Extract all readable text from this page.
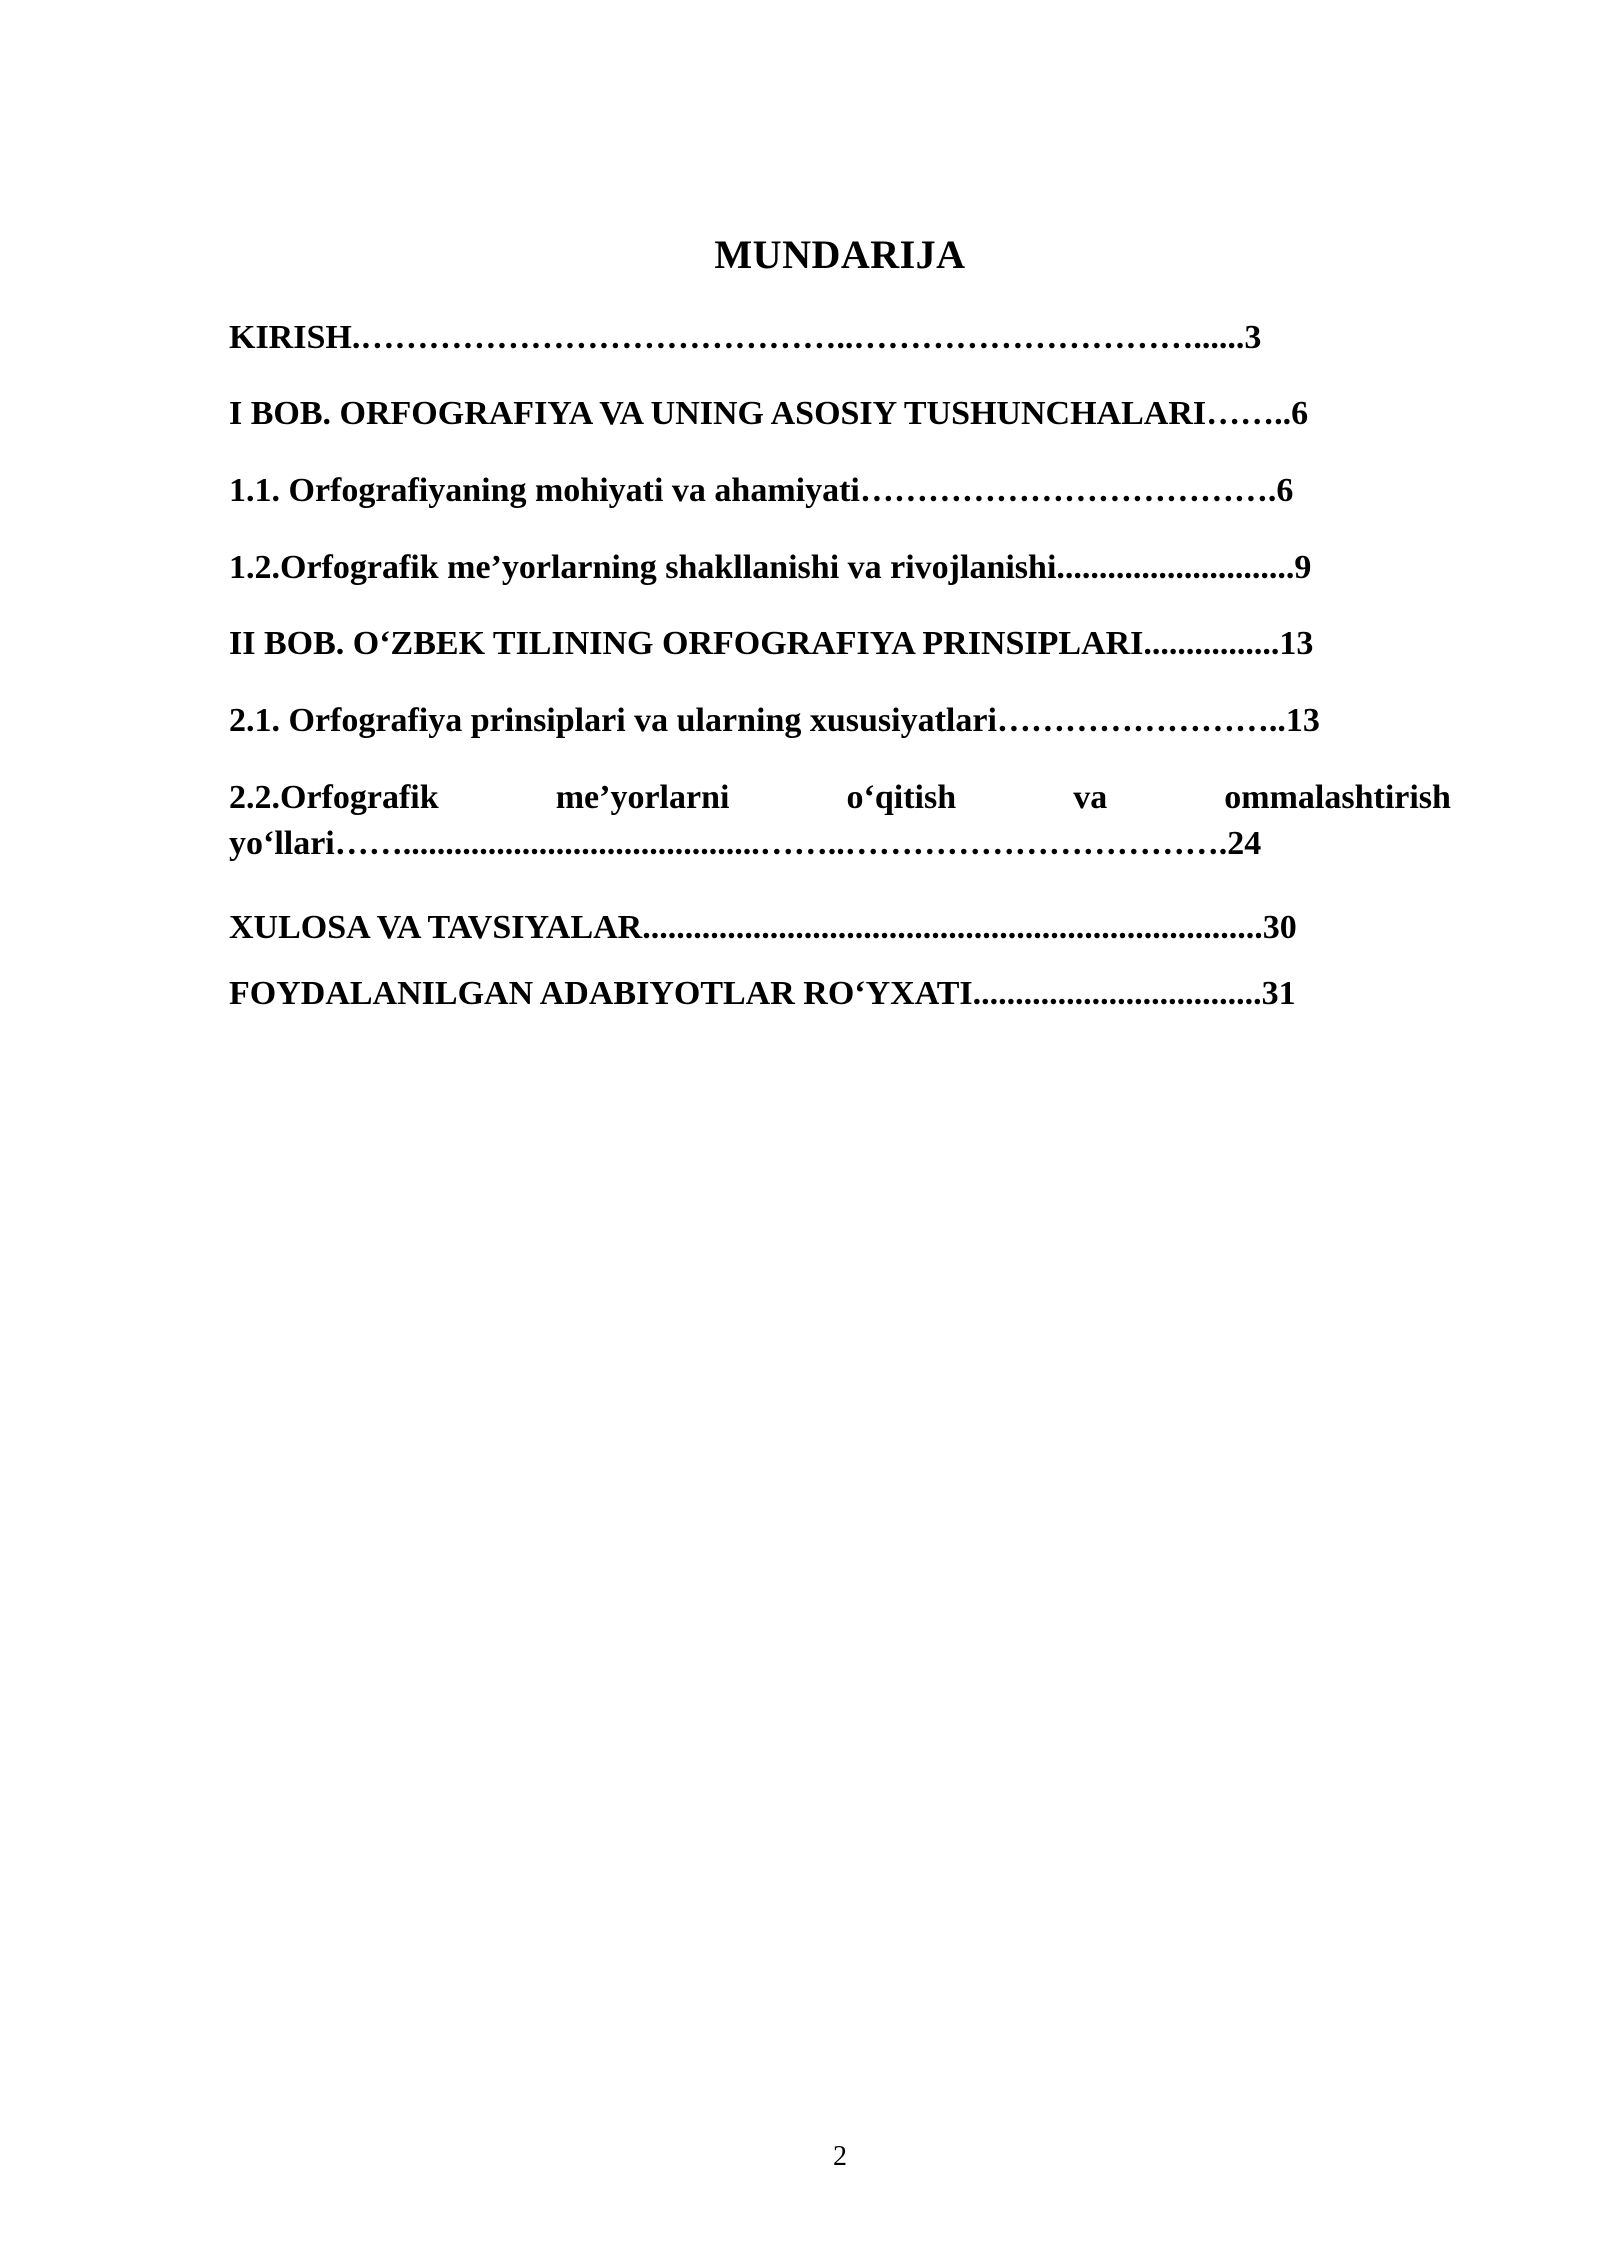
MUNDARIJA
KIRISH.……………………………………..…………………………......3
I BOB. ORFOGRAFIYA VA UNING ASOSIY TUSHUNCHALARI……..6
1.1. Orfografiyaning mohiyati va ahamiyati……………………………….6
1.2.Orfografik me’yorlarning shakllanishi va rivojlanishi............................9
II BOB. O‘ZBEK TILINING ORFOGRAFIYA PRINSIPLARI................13
2.1. Orfografiya prinsiplari va ularning xususiyatlari……………………..13
2.2.Orfografik	me’yorlarni	o‘qitish	va	ommalashtirish
yo‘llari……..........................................……..…………………………….24
XULOSA VA TAVSIYALAR.........................................................................30
FOYDALANILGAN ADABIYOTLAR RO‘YXATI..................................31
2
